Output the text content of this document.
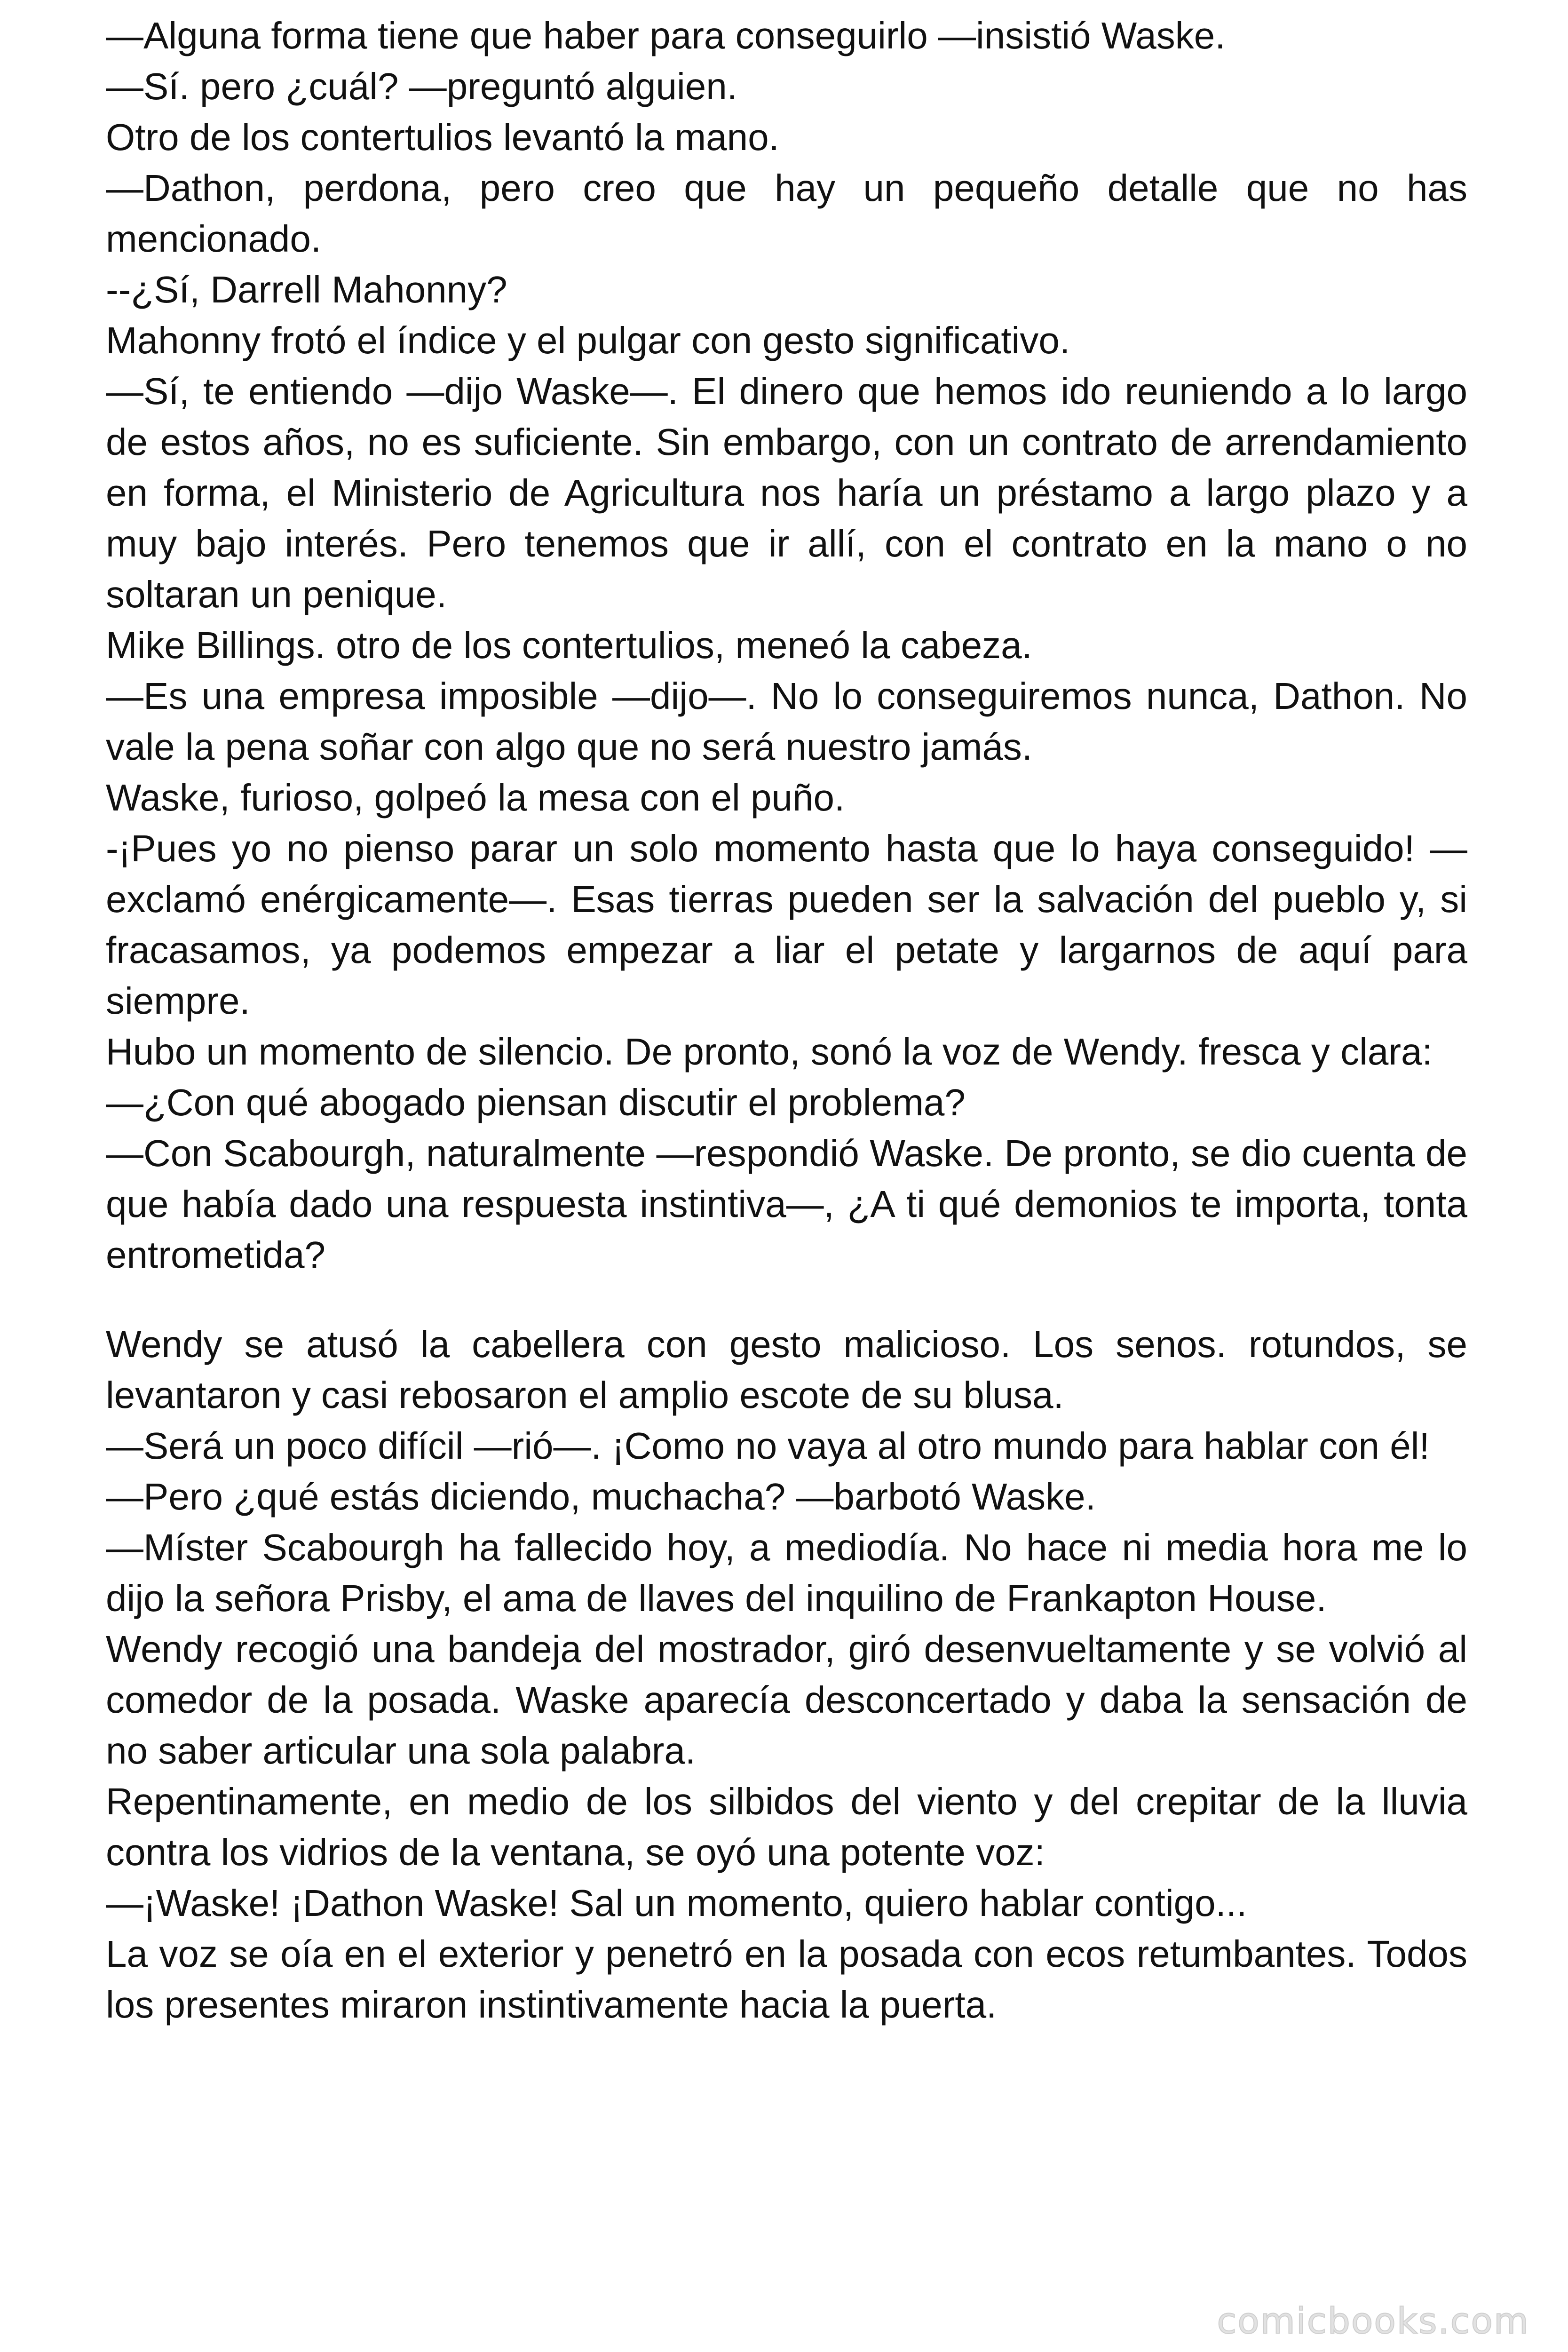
—Alguna forma tiene que haber para conseguirlo —insistió Waske.

—Sí. pero ¿cuál? —preguntó alguien.

Otro de los contertulios levantó la mano.

—Dathon, perdona, pero creo que hay un pequeño detalle que no has mencionado.

--¿Sí, Darrell Mahonny?

Mahonny frotó el índice y el pulgar con gesto significativo.

—Sí, te entiendo —dijo Waske—. El dinero que hemos ido reuniendo a lo largo de estos años, no es suficiente. Sin embargo, con un contrato de arrendamiento en forma, el Ministerio de Agricultura nos haría un préstamo a largo plazo y a muy bajo interés. Pero tenemos que ir allí, con el contrato en la mano o no soltaran un penique.

Mike Billings. otro de los contertulios, meneó la cabeza.

—Es una empresa imposible —dijo—. No lo conseguiremos nunca, Dathon. No vale la pena soñar con algo que no será nuestro jamás.

Waske, furioso, golpeó la mesa con el puño.

-¡Pues yo no pienso parar un solo momento hasta que lo haya conseguido! —exclamó enérgicamente—. Esas tierras pueden ser la salvación del pueblo y, si fracasamos, ya podemos empezar a liar el petate y largarnos de aquí para siempre.

Hubo un momento de silencio. De pronto, sonó la voz de Wendy. fresca y clara:

—¿Con qué abogado piensan discutir el problema?

—Con Scabourgh, naturalmente —respondió Waske. De pronto, se dio cuenta de que había dado una respuesta instintiva—, ¿A ti qué demonios te importa, tonta entrometida?

Wendy se atusó la cabellera con gesto malicioso. Los senos. rotundos, se levantaron y casi rebosaron el amplio escote de su blusa.

—Será un poco difícil —rió—. ¡Como no vaya al otro mundo para hablar con él!

—Pero ¿qué estás diciendo, muchacha? —barbotó Waske.

—Míster Scabourgh ha fallecido hoy, a mediodía. No hace ni media hora me lo dijo la señora Prisby, el ama de llaves del inquilino de Frankapton House.

Wendy recogió una bandeja del mostrador, giró desenvueltamente y se volvió al comedor de la posada. Waske aparecía desconcertado y daba la sensación de no saber articular una sola palabra.

Repentinamente, en medio de los silbidos del viento y del crepitar de la lluvia contra los vidrios de la ventana, se oyó una potente voz:

—¡Waske! ¡Dathon Waske! Sal un momento, quiero hablar contigo...

La voz se oía en el exterior y penetró en la posada con ecos retumbantes. Todos los presentes miraron instintivamente hacia la puerta.

comicbooks.com
